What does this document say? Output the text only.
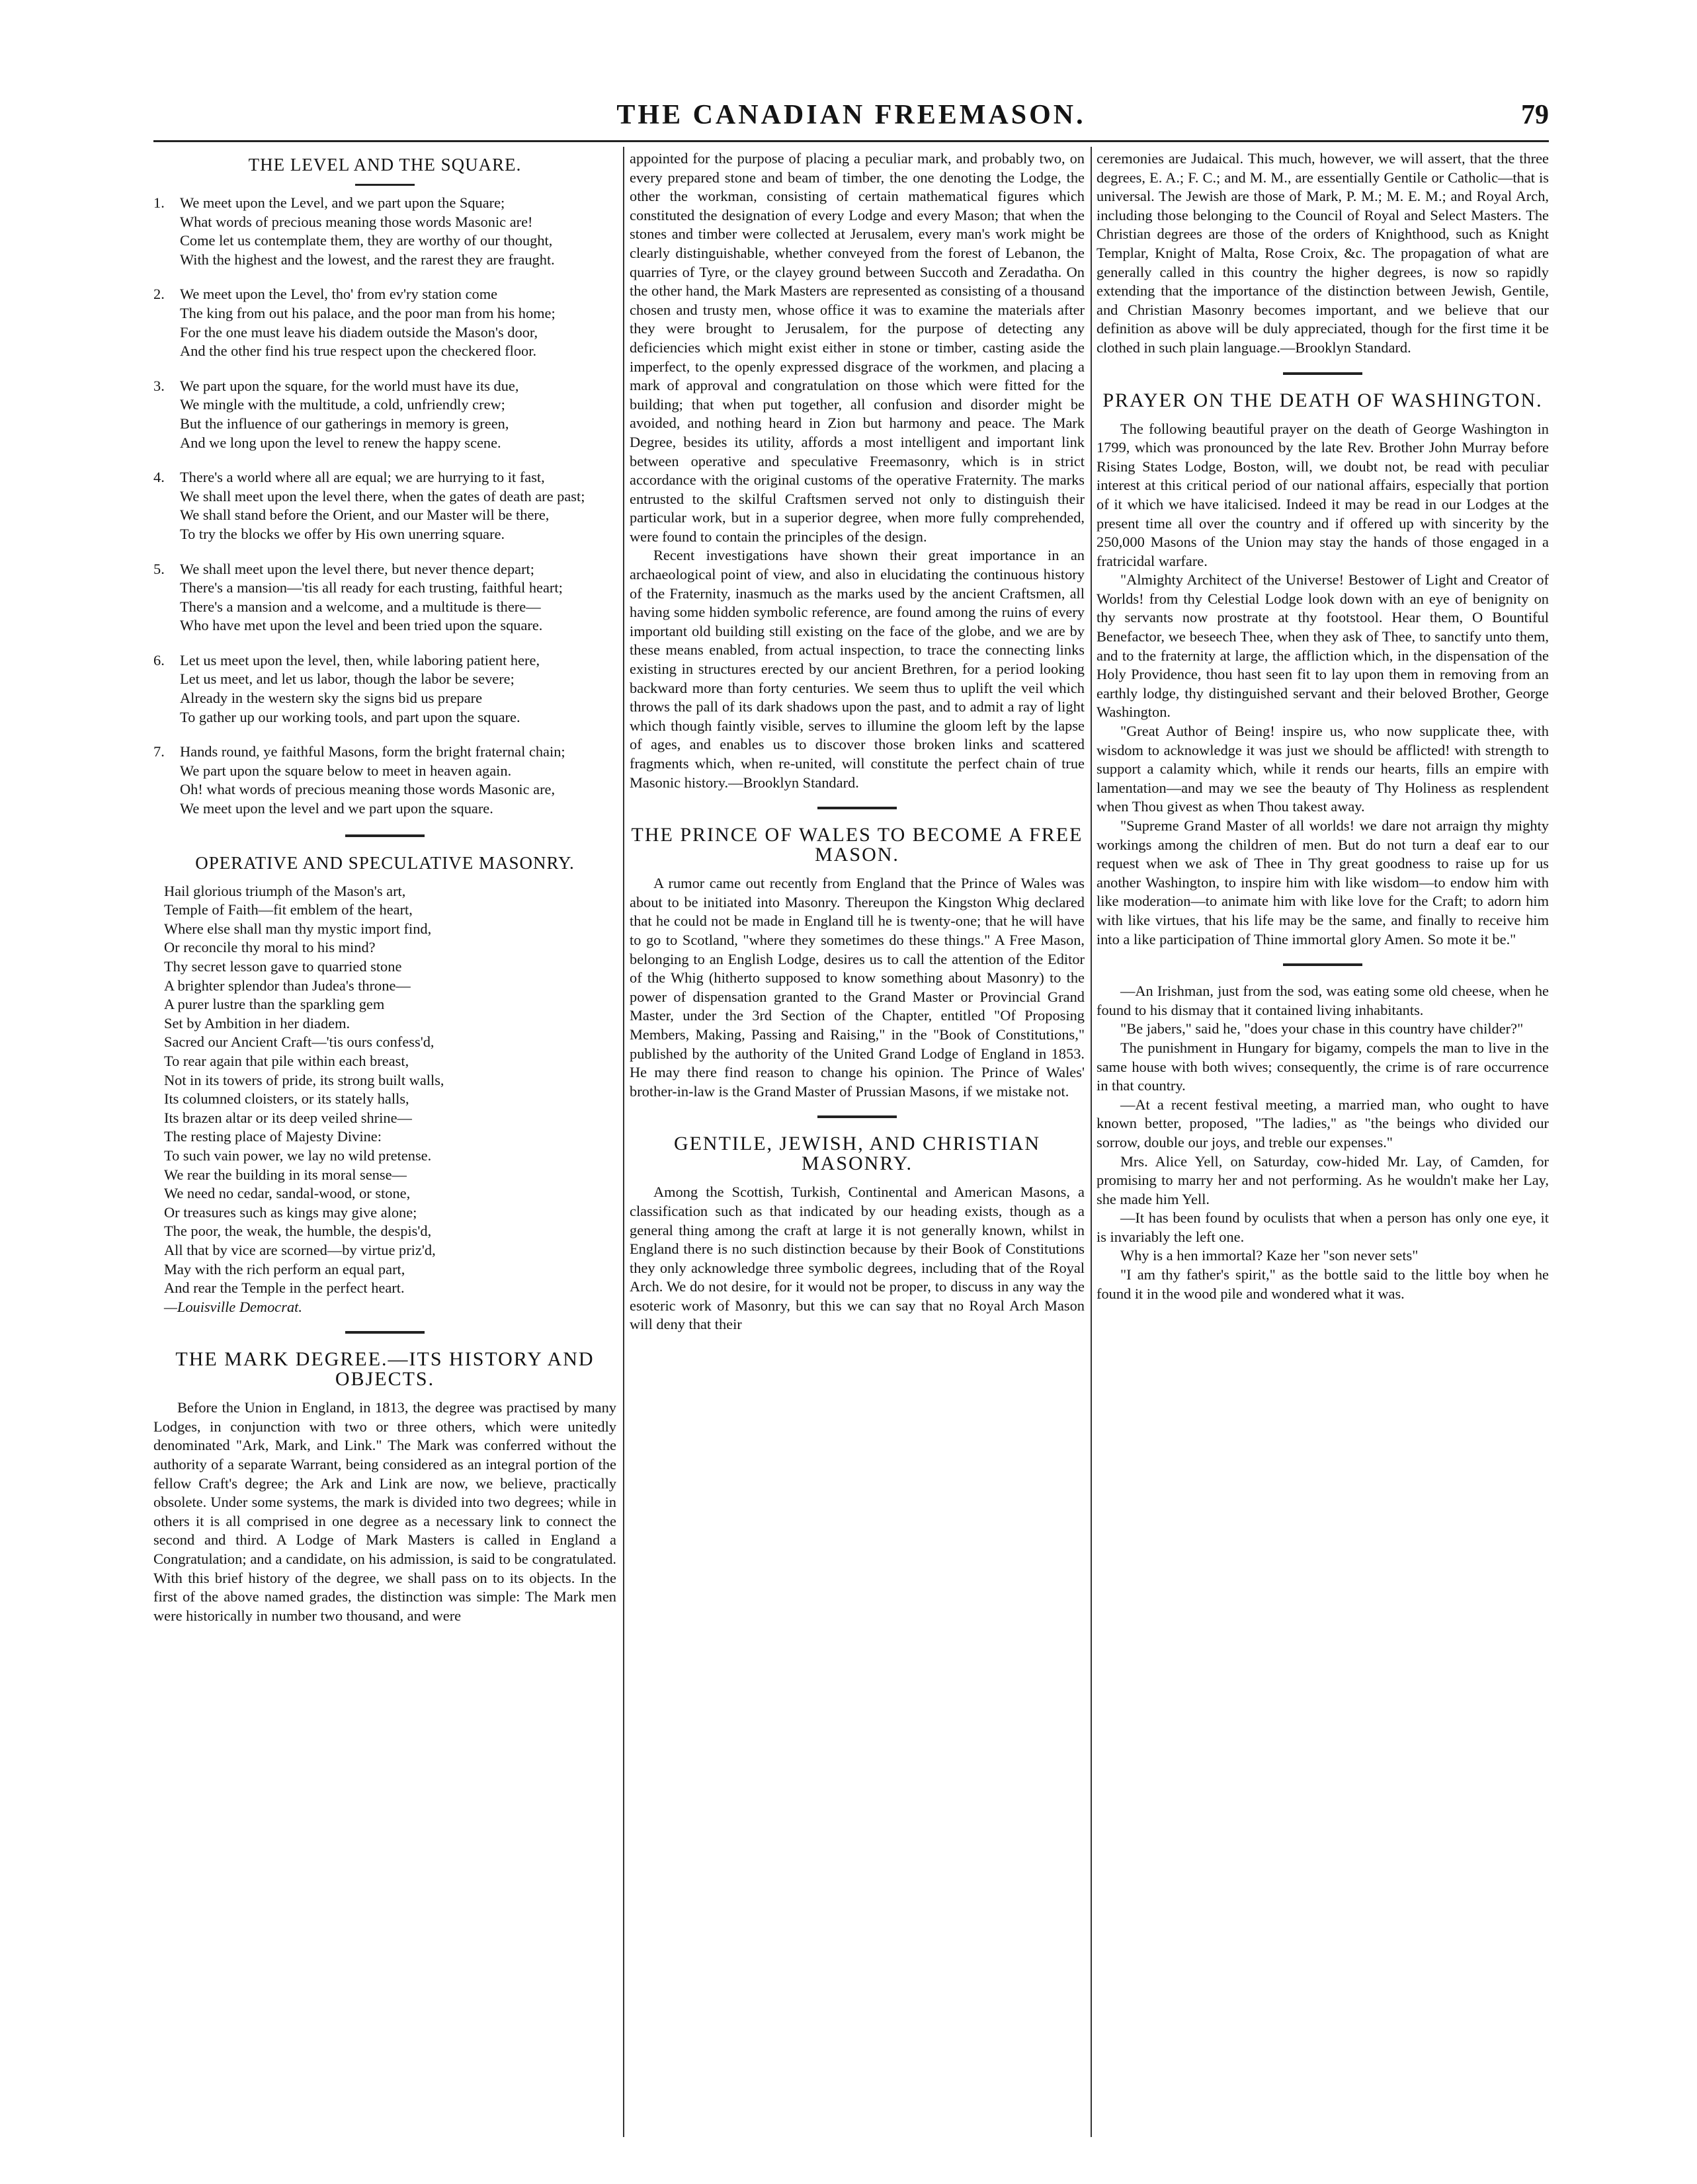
THE CANADIAN FREEMASON.	79
THE LEVEL AND THE SQUARE.
1.	We meet upon the Level, and we part upon the Square;
What words of precious meaning those words Masonic are!
Come let us contemplate them, they are worthy of our thought,
With the highest and the lowest, and the rarest they are fraught.
2.	We meet upon the Level, tho' from ev'ry station come
The king from out his palace, and the poor man from his home;
For the one must leave his diadem outside the Mason's door,
And the other find his true respect upon the checkered floor.
3.	We part upon the square, for the world must have its due,
We mingle with the multitude, a cold, unfriendly crew;
But the influence of our gatherings in memory is green,
And we long upon the level to renew the happy scene.
4.	There's a world where all are equal; we are hurrying to it fast,
We shall meet upon the level there, when the gates of death are past;
We shall stand before the Orient, and our Master will be there,
To try the blocks we offer by His own unerring square.
5.	We shall meet upon the level there, but never thence depart;
There's a mansion—'tis all ready for each trusting, faithful heart;
There's a mansion and a welcome, and a multitude is there—
Who have met upon the level and been tried upon the square.
6.	Let us meet upon the level, then, while laboring patient here,
Let us meet, and let us labor, though the labor be severe;
Already in the western sky the signs bid us prepare
To gather up our working tools, and part upon the square.
7.	Hands round, ye faithful Masons, form the bright fraternal chain;
We part upon the square below to meet in heaven again.
Oh! what words of precious meaning those words Masonic are,
We meet upon the level and we part upon the square.
OPERATIVE AND SPECULATIVE MASONRY.
Hail glorious triumph of the Mason's art,
Temple of Faith—fit emblem of the heart,
Where else shall man thy mystic import find,
Or reconcile thy moral to his mind?
Thy secret lesson gave to quarried stone
A brighter splendor than Judea's throne—
A purer lustre than the sparkling gem
Set by Ambition in her diadem.
Sacred our Ancient Craft—'tis ours confess'd,
To rear again that pile within each breast,
Not in its towers of pride, its strong built walls,
Its columned cloisters, or its stately halls,
Its brazen altar or its deep veiled shrine—
The resting place of Majesty Divine:
To such vain power, we lay no wild pretense.
We rear the building in its moral sense—
We need no cedar, sandal-wood, or stone,
Or treasures such as kings may give alone;
The poor, the weak, the humble, the despis'd,
All that by vice are scorned—by virtue priz'd,
May with the rich perform an equal part,
And rear the Temple in the perfect heart.
—Louisville Democrat.
THE MARK DEGREE.—ITS HISTORY AND OBJECTS.

Before the Union in England, in 1813, the degree was practised by many Lodges, in conjunction with two or three others, which were unitedly denominated "Ark, Mark, and Link." The Mark was conferred without the authority of a separate Warrant, being considered as an integral portion of the fellow Craft's degree; the Ark and Link are now, we believe, practically obsolete. Under some systems, the mark is divided into two degrees; while in others it is all comprised in one degree as a necessary link to connect the second and third. A Lodge of Mark Masters is called in England a Congratulation; and a candidate, on his admission, is said to be congratulated. With this brief history of the degree, we shall pass on to its objects. In the first of the above named grades, the distinction was simple: The Mark men were historically in number two thousand, and were

appointed for the purpose of placing a peculiar mark, and probably two, on every prepared stone and beam of timber, the one denoting the Lodge, the other the workman, consisting of certain mathematical figures which constituted the designation of every Lodge and every Mason; that when the stones and timber were collected at Jerusalem, every man's work might be clearly distinguishable, whether conveyed from the forest of Lebanon, the quarries of Tyre, or the clayey ground between Succoth and Zeradatha. On the other hand, the Mark Masters are represented as consisting of a thousand chosen and trusty men, whose office it was to examine the materials after they were brought to Jerusalem, for the purpose of detecting any deficiencies which might exist either in stone or timber, casting aside the imperfect, to the openly expressed disgrace of the workmen, and placing a mark of approval and congratulation on those which were fitted for the building; that when put together, all confusion and disorder might be avoided, and nothing heard in Zion but harmony and peace. The Mark Degree, besides its utility, affords a most intelligent and important link between operative and speculative Freemasonry, which is in strict accordance with the original customs of the operative Fraternity. The marks entrusted to the skilful Craftsmen served not only to distinguish their particular work, but in a superior degree, when more fully comprehended, were found to contain the principles of the design.

Recent investigations have shown their great importance in an archaeological point of view, and also in elucidating the continuous history of the Fraternity, inasmuch as the marks used by the ancient Craftsmen, all having some hidden symbolic reference, are found among the ruins of every important old building still existing on the face of the globe, and we are by these means enabled, from actual inspection, to trace the connecting links existing in structures erected by our ancient Brethren, for a period looking backward more than forty centuries. We seem thus to uplift the veil which throws the pall of its dark shadows upon the past, and to admit a ray of light which though faintly visible, serves to illumine the gloom left by the lapse of ages, and enables us to discover those broken links and scattered fragments which, when re-united, will constitute the perfect chain of true Masonic history.—Brooklyn Standard.

THE PRINCE OF WALES TO BECOME A FREE MASON.

A rumor came out recently from England that the Prince of Wales was about to be initiated into Masonry. Thereupon the Kingston Whig declared that he could not be made in England till he is twenty-one; that he will have to go to Scotland, "where they sometimes do these things." A Free Mason, belonging to an English Lodge, desires us to call the attention of the Editor of the Whig (hitherto supposed to know something about Masonry) to the power of dispensation granted to the Grand Master or Provincial Grand Master, under the 3rd Section of the Chapter, entitled "Of Proposing Members, Making, Passing and Raising," in the "Book of Constitutions," published by the authority of the United Grand Lodge of England in 1853. He may there find reason to change his opinion. The Prince of Wales' brother-in-law is the Grand Master of Prussian Masons, if we mistake not.

GENTILE, JEWISH, AND CHRISTIAN MASONRY.

Among the Scottish, Turkish, Continental and American Masons, a classification such as that indicated by our heading exists, though as a general thing among the craft at large it is not generally known, whilst in England there is no such distinction because by their Book of Constitutions they only acknowledge three symbolic degrees, including that of the Royal Arch. We do not desire, for it would not be proper, to discuss in any way the esoteric work of Masonry, but this we can say that no Royal Arch Mason will deny that their

ceremonies are Judaical. This much, however, we will assert, that the three degrees, E. A.; F. C.; and M. M., are essentially Gentile or Catholic—that is universal. The Jewish are those of Mark, P. M.; M. E. M.; and Royal Arch, including those belonging to the Council of Royal and Select Masters. The Christian degrees are those of the orders of Knighthood, such as Knight Templar, Knight of Malta, Rose Croix, &c. The propagation of what are generally called in this country the higher degrees, is now so rapidly extending that the importance of the distinction between Jewish, Gentile, and Christian Masonry becomes important, and we believe that our definition as above will be duly appreciated, though for the first time it be clothed in such plain language.—Brooklyn Standard.

PRAYER ON THE DEATH OF WASHINGTON.

The following beautiful prayer on the death of George Washington in 1799, which was pronounced by the late Rev. Brother John Murray before Rising States Lodge, Boston, will, we doubt not, be read with peculiar interest at this critical period of our national affairs, especially that portion of it which we have italicised. Indeed it may be read in our Lodges at the present time all over the country and if offered up with sincerity by the 250,000 Masons of the Union may stay the hands of those engaged in a fratricidal warfare.

"Almighty Architect of the Universe! Bestower of Light and Creator of Worlds! from thy Celestial Lodge look down with an eye of benignity on thy servants now prostrate at thy footstool. Hear them, O Bountiful Benefactor, we beseech Thee, when they ask of Thee, to sanctify unto them, and to the fraternity at large, the affliction which, in the dispensation of the Holy Providence, thou hast seen fit to lay upon them in removing from an earthly lodge, thy distinguished servant and their beloved Brother, George Washington.

"Great Author of Being! inspire us, who now supplicate thee, with wisdom to acknowledge it was just we should be afflicted! with strength to support a calamity which, while it rends our hearts, fills an empire with lamentation—and may we see the beauty of Thy Holiness as resplendent when Thou givest as when Thou takest away.

"Supreme Grand Master of all worlds! we dare not arraign thy mighty workings among the children of men. But do not turn a deaf ear to our request when we ask of Thee in Thy great goodness to raise up for us another Washington, to inspire him with like wisdom—to endow him with like moderation—to animate him with like love for the Craft; to adorn him with like virtues, that his life may be the same, and finally to receive him into a like participation of Thine immortal glory Amen. So mote it be."

—An Irishman, just from the sod, was eating some old cheese, when he found to his dismay that it contained living inhabitants.

"Be jabers," said he, "does your chase in this country have childer?"

The punishment in Hungary for bigamy, compels the man to live in the same house with both wives; consequently, the crime is of rare occurrence in that country.

—At a recent festival meeting, a married man, who ought to have known better, proposed, "The ladies," as "the beings who divided our sorrow, double our joys, and treble our expenses."

Mrs. Alice Yell, on Saturday, cow-hided Mr. Lay, of Camden, for promising to marry her and not performing. As he wouldn't make her Lay, she made him Yell.

—It has been found by oculists that when a person has only one eye, it is invariably the left one.

Why is a hen immortal? Kaze her "son never sets"

"I am thy father's spirit," as the bottle said to the little boy when he found it in the wood pile and wondered what it was.
